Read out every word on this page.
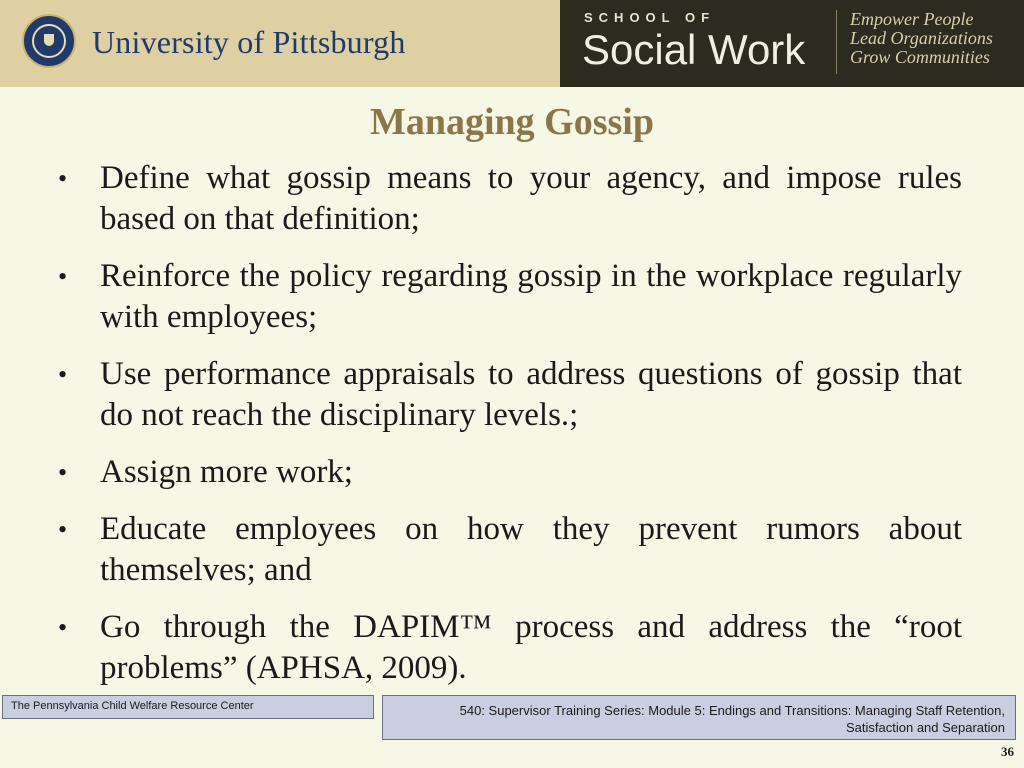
University of Pittsburgh
SCHOOL OF
Social Work
Empower People
Lead Organizations
Grow Communities
Managing Gossip
• Define what gossip means to your agency, and impose rules based on that definition;
• Reinforce the policy regarding gossip in the workplace regularly with employees;
• Use performance appraisals to address questions of gossip that do not reach the disciplinary levels.;
• Assign more work;
• Educate employees on how they prevent rumors about themselves; and
• Go through the DAPIM™ process and address the “root problems” (APHSA, 2009).
The Pennsylvania Child Welfare Resource Center	540: Supervisor Training Series: Module 5: Endings and Transitions: Managing Staff Retention,
Satisfaction and Separation
36
